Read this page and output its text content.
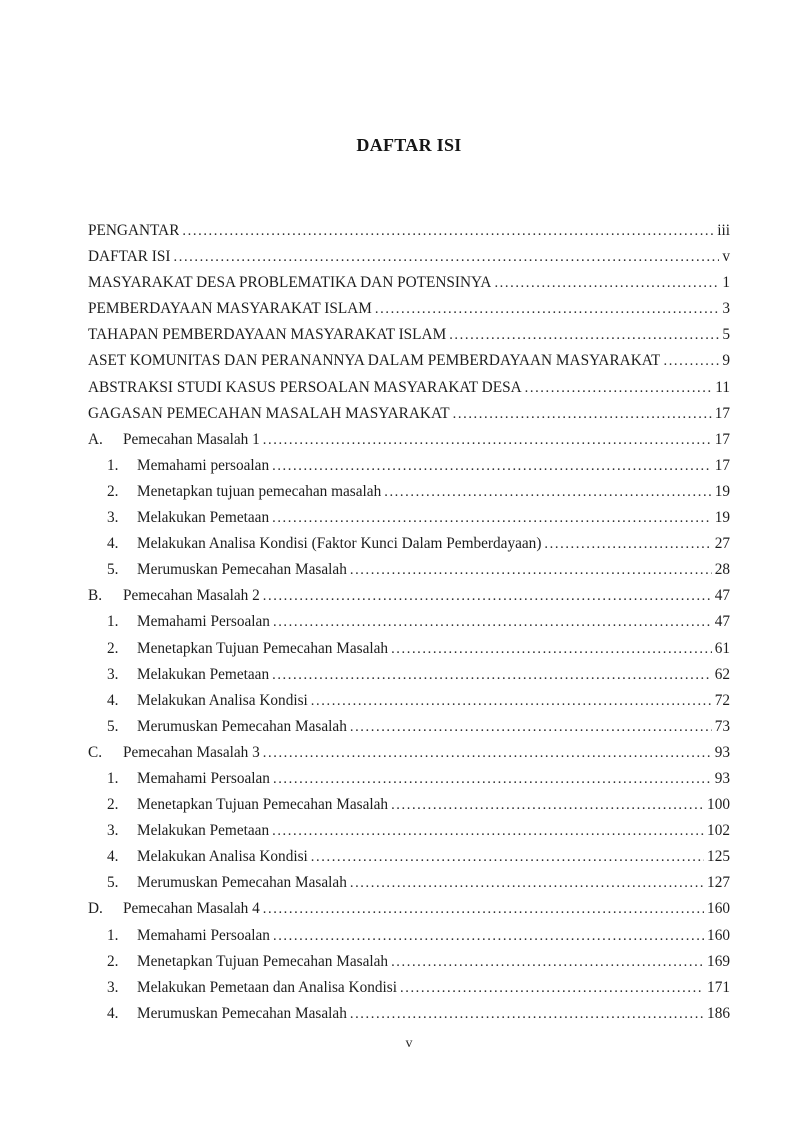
DAFTAR ISI
PENGANTAR .....	iii
DAFTAR ISI .....	v
MASYARAKAT DESA PROBLEMATIKA DAN POTENSINYA .....	1
PEMBERDAYAAN MASYARAKAT ISLAM .....	3
TAHAPAN PEMBERDAYAAN MASYARAKAT ISLAM .....	5
ASET KOMUNITAS DAN PERANANNYA DALAM PEMBERDAYAAN MASYARAKAT .....	9
ABSTRAKSI STUDI KASUS PERSOALAN MASYARAKAT DESA .....	11
GAGASAN PEMECAHAN MASALAH MASYARAKAT .....	17
A.	Pemecahan Masalah 1 .....	17
1.	Memahami persoalan .....	17
2.	Menetapkan tujuan pemecahan masalah .....	19
3.	Melakukan Pemetaan .....	19
4.	Melakukan Analisa Kondisi (Faktor Kunci Dalam Pemberdayaan) .....	27
5.	Merumuskan Pemecahan Masalah .....	28
B.	Pemecahan Masalah 2 .....	47
1.	Memahami Persoalan .....	47
2.	Menetapkan Tujuan Pemecahan Masalah .....	61
3.	Melakukan Pemetaan .....	62
4.	Melakukan Analisa Kondisi .....	72
5.	Merumuskan Pemecahan Masalah .....	73
C.	Pemecahan Masalah 3 .....	93
1.	Memahami Persoalan .....	93
2.	Menetapkan Tujuan Pemecahan Masalah .....	100
3.	Melakukan Pemetaan .....	102
4.	Melakukan Analisa Kondisi .....	125
5.	Merumuskan Pemecahan Masalah .....	127
D.	Pemecahan Masalah 4 .....	160
1.	Memahami Persoalan .....	160
2.	Menetapkan Tujuan Pemecahan Masalah .....	169
3.	Melakukan Pemetaan dan Analisa Kondisi .....	171
4.	Merumuskan Pemecahan Masalah .....	186
v
